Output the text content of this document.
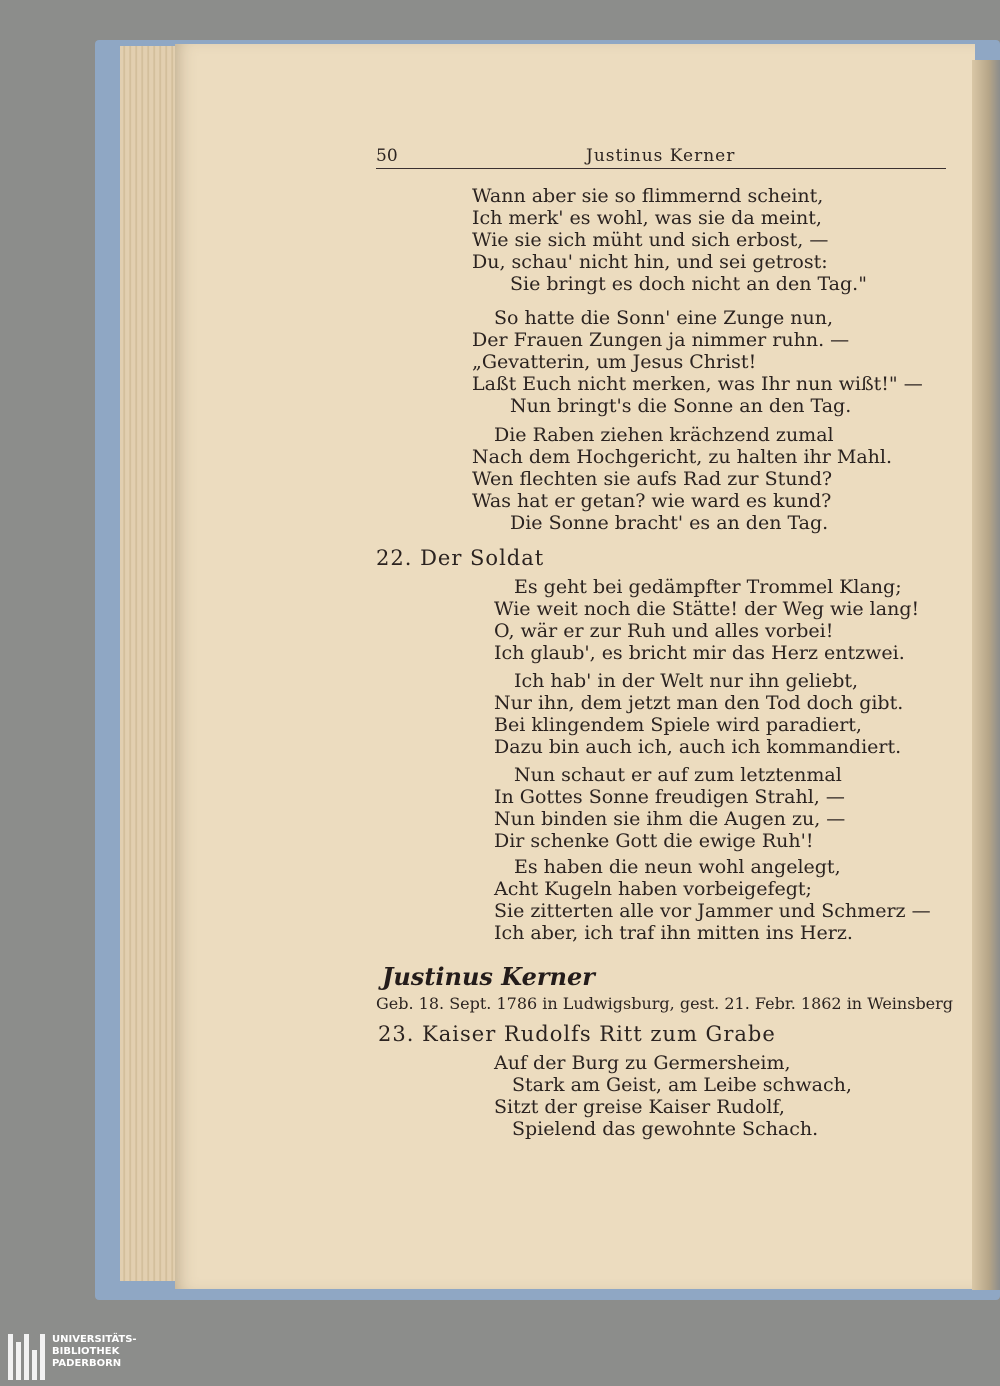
50	Justinus Kerner
Wann aber sie so flimmernd scheint,
Ich merk' es wohl, was sie da meint,
Wie sie sich müht und sich erbost, —
Du, schau' nicht hin, und sei getrost:
Sie bringt es doch nicht an den Tag."
So hatte die Sonn' eine Zunge nun,
Der Frauen Zungen ja nimmer ruhn. —
„Gevatterin, um Jesus Christ!
Laßt Euch nicht merken, was Ihr nun wißt!" —
Nun bringt's die Sonne an den Tag.
Die Raben ziehen krächzend zumal
Nach dem Hochgericht, zu halten ihr Mahl.
Wen flechten sie aufs Rad zur Stund?
Was hat er getan? wie ward es kund?
Die Sonne bracht' es an den Tag.
22. Der Soldat
Es geht bei gedämpfter Trommel Klang;
Wie weit noch die Stätte! der Weg wie lang!
O, wär er zur Ruh und alles vorbei!
Ich glaub', es bricht mir das Herz entzwei.
Ich hab' in der Welt nur ihn geliebt,
Nur ihn, dem jetzt man den Tod doch gibt.
Bei klingendem Spiele wird paradiert,
Dazu bin auch ich, auch ich kommandiert.
Nun schaut er auf zum letztenmal
In Gottes Sonne freudigen Strahl, —
Nun binden sie ihm die Augen zu, —
Dir schenke Gott die ewige Ruh'!
Es haben die neun wohl angelegt,
Acht Kugeln haben vorbeigefegt;
Sie zitterten alle vor Jammer und Schmerz —
Ich aber, ich traf ihn mitten ins Herz.
Justinus Kerner
Geb. 18. Sept. 1786 in Ludwigsburg, gest. 21. Febr. 1862 in Weinsberg
23. Kaiser Rudolfs Ritt zum Grabe
Auf der Burg zu Germersheim,
Stark am Geist, am Leibe schwach,
Sitzt der greise Kaiser Rudolf,
Spielend das gewohnte Schach.
UNIVERSITÄTS-
BIBLIOTHEK
PADERBORN
